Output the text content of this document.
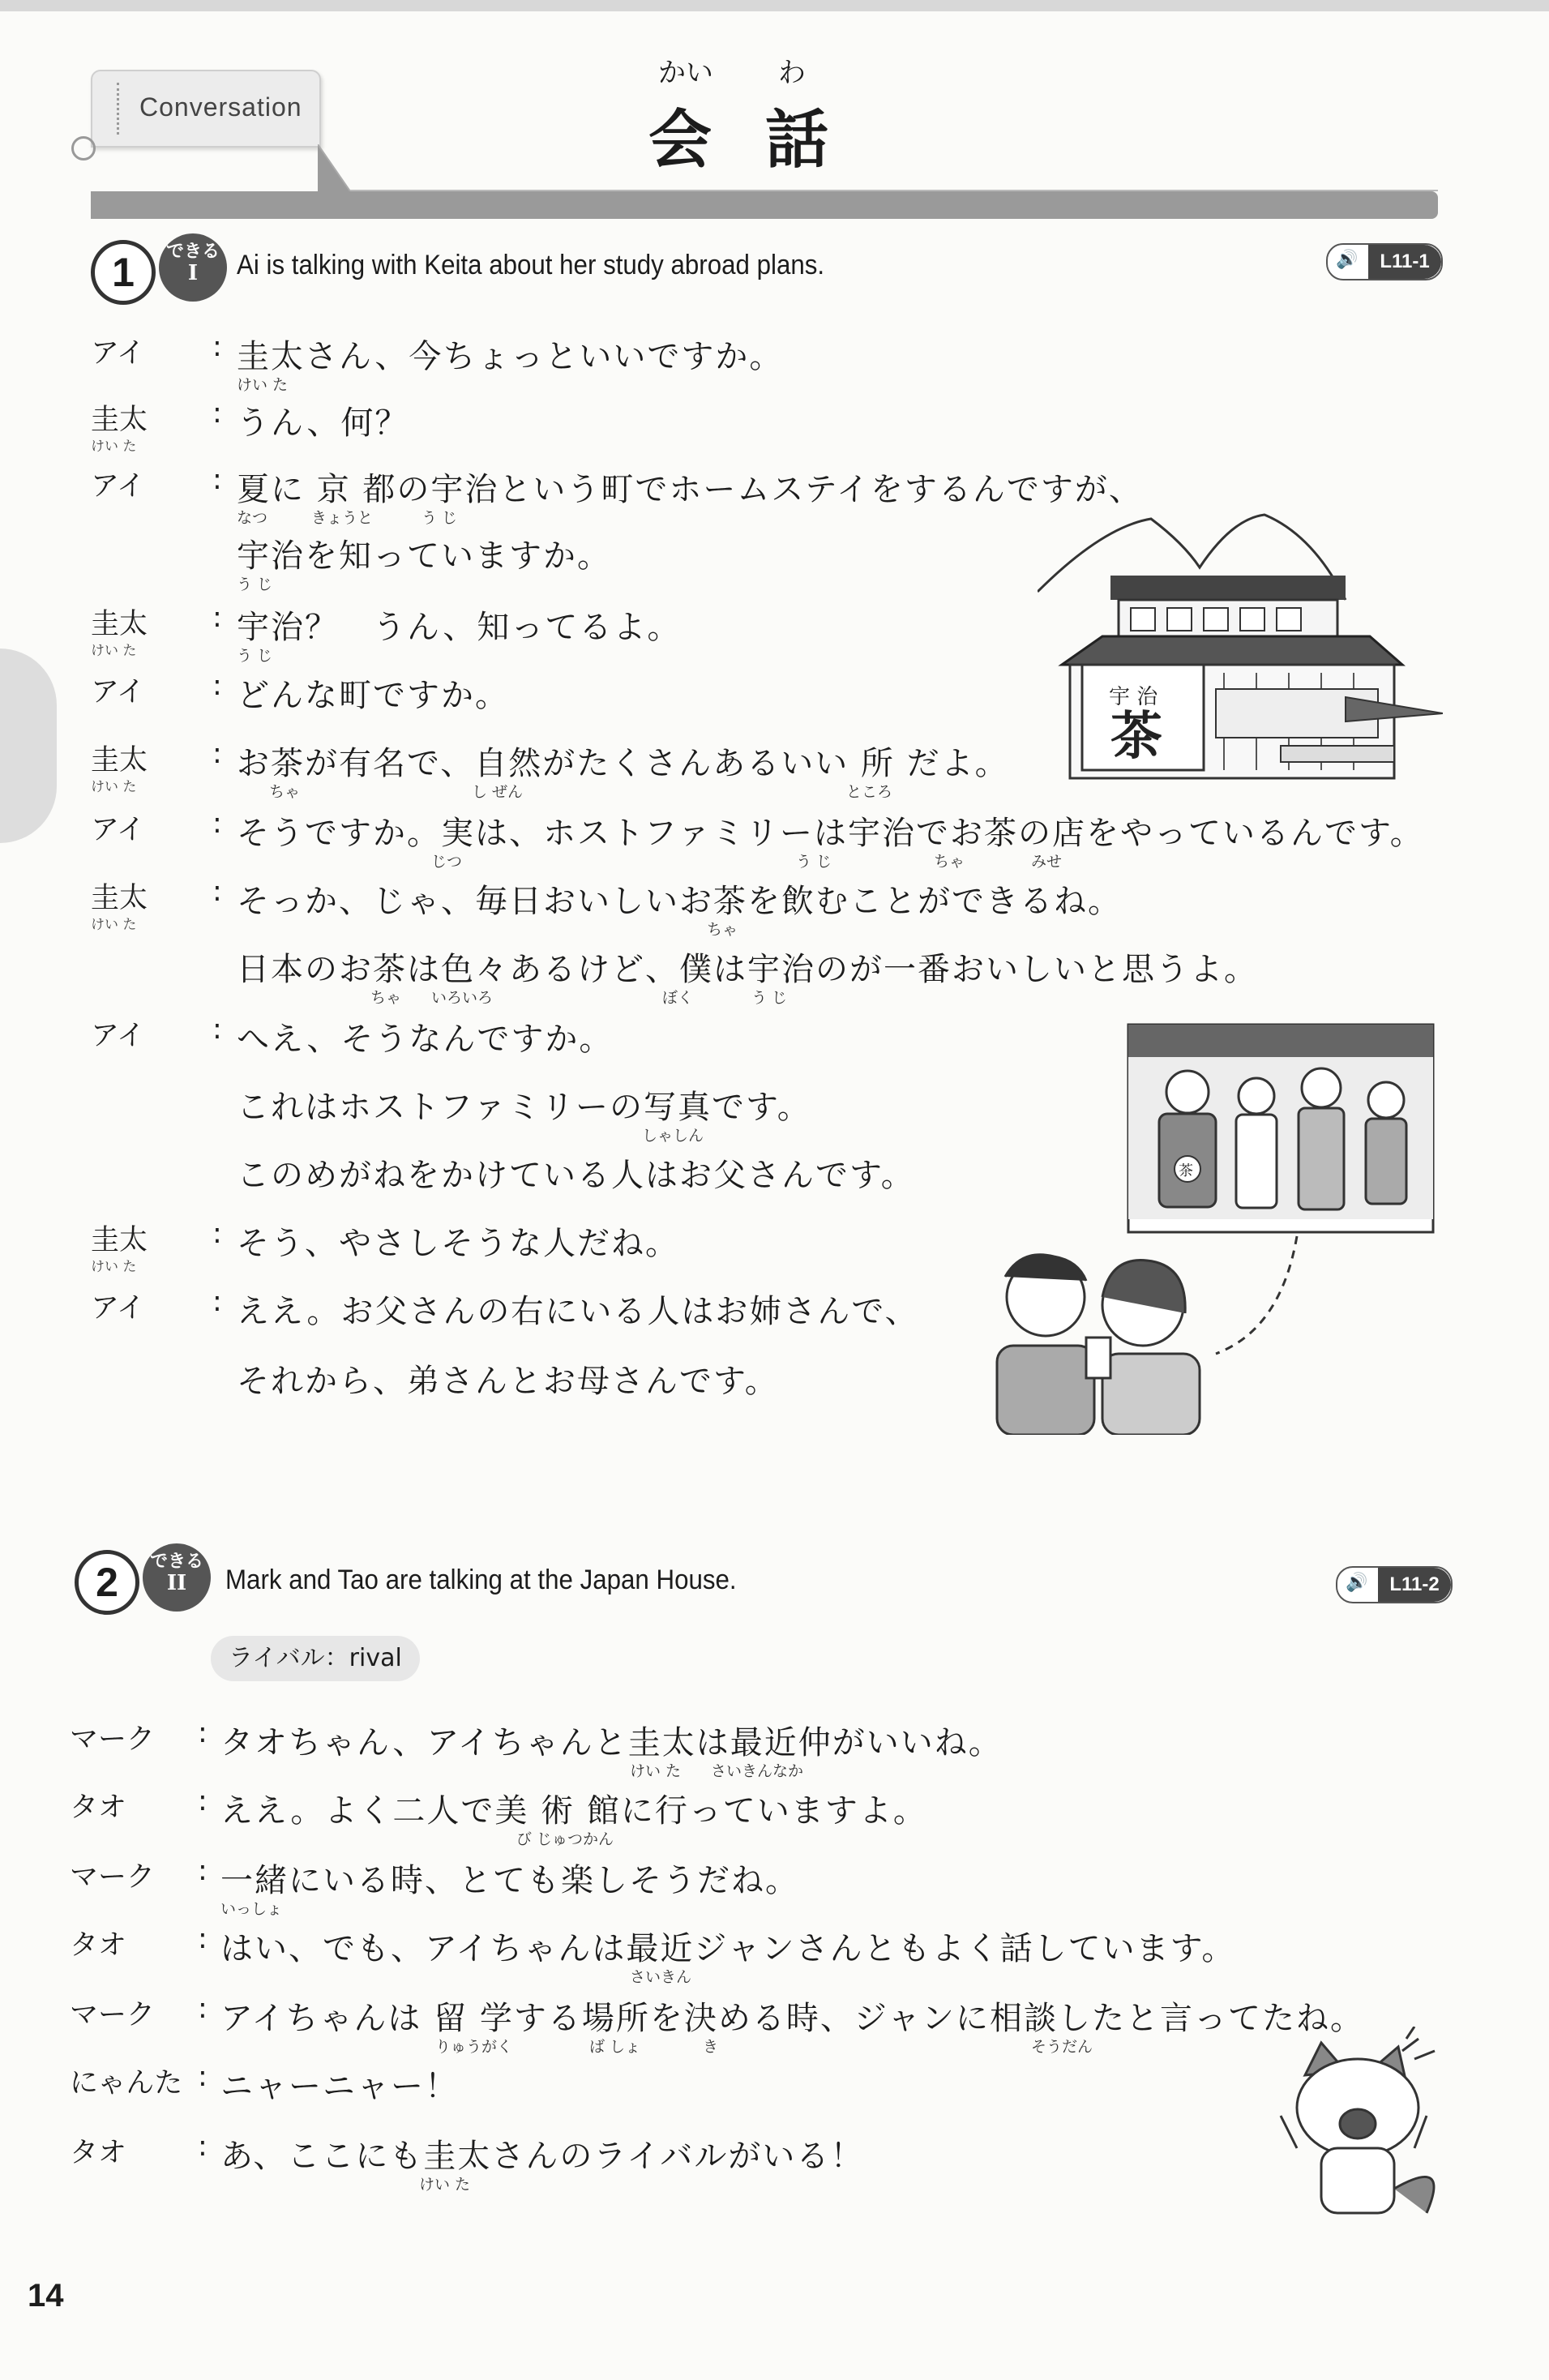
Conversation
かい わ
会話
1	できる
I	Ai is talking with Keita about her study abroad plans.	🔊	L11-1
アイ : 圭太さん、今ちょっといいですか。
けい た
圭太 :
けい た
うん、何？
アイ : 夏に 京 都の宇治という町でホームステイをするんですが、
なつ	きょうと	う じ
宇治を知っていますか。
う じ
圭太 :
けい た
宇治？　うん、知ってるよ。
う じ
アイ : どんな町ですか。
圭太 :
けい た
お茶が有名で、自然がたくさんあるいい 所 だよ。
ちゃ	し ぜん	ところ
アイ : そうですか。実は、ホストファミリーは宇治でお茶の店をやっているんです。
じつ	う じ	ちゃ	みせ
圭太 :
けい た
そっか、じゃ、毎日おいしいお茶を飲むことができるね。
ちゃ
日本のお茶は色々あるけど、僕は宇治のが一番おいしいと思うよ。
ちゃ いろいろ	ぼく	う じ
アイ : へえ、そうなんですか。
これはホストファミリーの写真です。
しゃしん
このめがねをかけている人はお父さんです。
圭太 :
けい た
そう、やさしそうな人だね。
アイ : ええ。お父さんの右にいる人はお姉さんで、
それから、弟さんとお母さんです。
宇 治
茶
茶
2	できる
II	Mark and Tao are talking at the Japan House.	🔊	L11-2
ライバル：rival
マーク : タオちゃん、アイちゃんと圭太は最近仲がいいね。
けい た さいきんなか
タオ	: ええ。よく二人で美 術 館に行っていますよ。
び じゅつかん
マーク : 一緒にいる時、とても楽しそうだね。
いっしょ
タオ	: はい、でも、アイちゃんは最近ジャンさんともよく話しています。
さいきん
マーク : アイちゃんは 留 学する場所を決める時、ジャンに相談したと言ってたね。
りゅうがく	ば しょ	き	そうだん
にゃんた : ニャーニャー！
タオ	: あ、ここにも圭太さんのライバルがいる！
けい た
14
